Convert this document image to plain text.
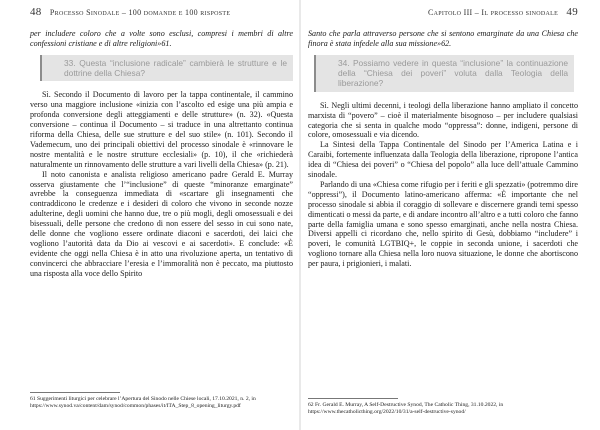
48 Processo Sinodale – 100 domande e 100 risposte

per includere coloro che a volte sono esclusi, compresi i membri di altre confessioni cristiane e di altre religioni»61.

33. Questa “inclusione radicale” cambierà le strutture e le dottrine della Chiesa?

Sì. Secondo il Documento di lavoro per la tappa continentale, il cammino verso una maggiore inclusione «inizia con l’ascolto ed esige una più ampia e profonda conversione degli atteggiamenti e delle strutture» (n. 32). «Questa conversione – continua il Documento – si traduce in una altrettanto continua riforma della Chiesa, delle sue strutture e del suo stile» (n. 101). Secondo il Vademecum, uno dei principali obiettivi del processo sinodale è «rinnovare le nostre mentalità e le nostre strutture ecclesiali» (p. 10), il che «richiederà naturalmente un rinnovamento delle strutture a vari livelli della Chiesa» (p. 21).

Il noto canonista e analista religioso americano padre Gerald E. Murray osserva giustamente che l’“inclusione” di queste “minoranze emarginate” avrebbe la conseguenza immediata di «scartare gli insegnamenti che contraddicono le credenze e i desideri di coloro che vivono in seconde nozze adulterine, degli uomini che hanno due, tre o più mogli, degli omosessuali e dei bisessuali, delle persone che credono di non essere del sesso in cui sono nate, delle donne che vogliono essere ordinate diaconi e sacerdoti, dei laici che vogliono l’autorità data da Dio ai vescovi e ai sacerdoti». E conclude: «È evidente che oggi nella Chiesa è in atto una rivoluzione aperta, un tentativo di convincerci che abbracciare l’eresia e l’immoralità non è peccato, ma piuttosto una risposta alla voce dello Spirito

61 Suggerimenti liturgici per celebrare l’Apertura del Sinodo nelle Chiese locali, 17.10.2021, n. 2, in https://www.synod.va/content/dam/synod/common/phases/it/ITA_Step_8_opening_liturgy.pdf
Capitolo III – Il processo sinodale 49

Santo che parla attraverso persone che si sentono emarginate da una Chiesa che finora è stata infedele alla sua missione»62.

34. Possiamo vedere in questa “inclusione” la continuazione della “Chiesa dei poveri” voluta dalla Teologia della liberazione?

Sì. Negli ultimi decenni, i teologi della liberazione hanno ampliato il concetto marxista di “povero” – cioè il materialmente bisognoso – per includere qualsiasi categoria che si senta in qualche modo “oppressa”: donne, indigeni, persone di colore, omosessuali e via dicendo.

La Sintesi della Tappa Continentale del Sinodo per l’America Latina e i Caraibi, fortemente influenzata dalla Teologia della liberazione, ripropone l’antica idea di “Chiesa dei poveri” o “Chiesa del popolo” alla luce dell’attuale Cammino sinodale.

Parlando di una «Chiesa come rifugio per i feriti e gli spezzati» (potremmo dire “oppressi”), il Documento latino-americano afferma: «È importante che nel processo sinodale si abbia il coraggio di sollevare e discernere grandi temi spesso dimenticati o messi da parte, e di andare incontro all’altro e a tutti coloro che fanno parte della famiglia umana e sono spesso emarginati, anche nella nostra Chiesa. Diversi appelli ci ricordano che, nello spirito di Gesù, dobbiamo “includere” i poveri, le comunità LGTBIQ+, le coppie in seconda unione, i sacerdoti che vogliono tornare alla Chiesa nella loro nuova situazione, le donne che abortiscono per paura, i prigionieri, i malati.

62 Fr. Gerald E. Murray, A Self-Destructive Synod, The Catholic Thing, 31.10.2022, in https://www.thecatholicthing.org/2022/10/31/a-self-destructive-synod/
